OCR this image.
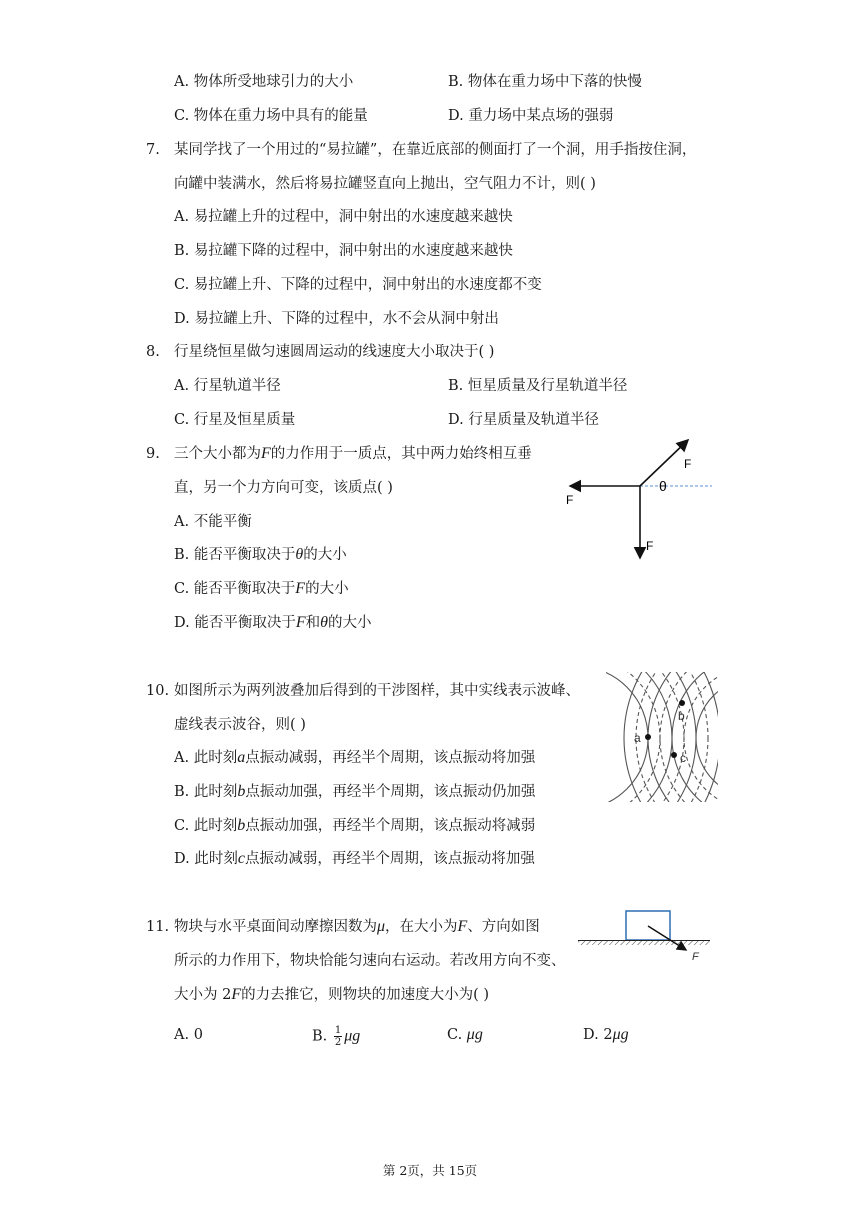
A. 物体所受地球引力的大小	B. 物体在重力场中下落的快慢
C. 物体在重力场中具有的能量	D. 重力场中某点场的强弱
7. 某同学找了一个用过的“易拉罐”，在靠近底部的侧面打了一个洞，用手指按住洞，
向罐中装满水，然后将易拉罐竖直向上抛出，空气阻力不计，则( )
A. 易拉罐上升的过程中，洞中射出的水速度越来越快
B. 易拉罐下降的过程中，洞中射出的水速度越来越快
C. 易拉罐上升、下降的过程中，洞中射出的水速度都不变
D. 易拉罐上升、下降的过程中，水不会从洞中射出
8. 行星绕恒星做匀速圆周运动的线速度大小取决于( )
A. 行星轨道半径	B. 恒星质量及行星轨道半径
C. 行星及恒星质量	D. 行星质量及轨道半径
9. 三个大小都为F的力作用于一质点，其中两力始终相互垂
直，另一个力方向可变，该质点( )
A. 不能平衡
B. 能否平衡取决于θ的大小
C. 能否平衡取决于F的大小
D. 能否平衡取决于F和θ的大小
F
θ
F
F
10. 如图所示为两列波叠加后得到的干涉图样，其中实线表示波峰、
虚线表示波谷，则( )
A. 此时刻a点振动减弱，再经半个周期，该点振动将加强
B. 此时刻b点振动加强，再经半个周期，该点振动仍加强
C. 此时刻b点振动加强，再经半个周期，该点振动将减弱
D. 此时刻c点振动减弱，再经半个周期，该点振动将加强
a
b
c
11. 物块与水平桌面间动摩擦因数为μ，在大小为F、方向如图
所示的力作用下，物块恰能匀速向右运动。若改用方向不变、
大小为 2F的力去推它，则物块的加速度大小为( )
A. 0	B. $\frac{1}{2}$ μg	C. μg	D. 2μg
F
第 2页，共 15页
